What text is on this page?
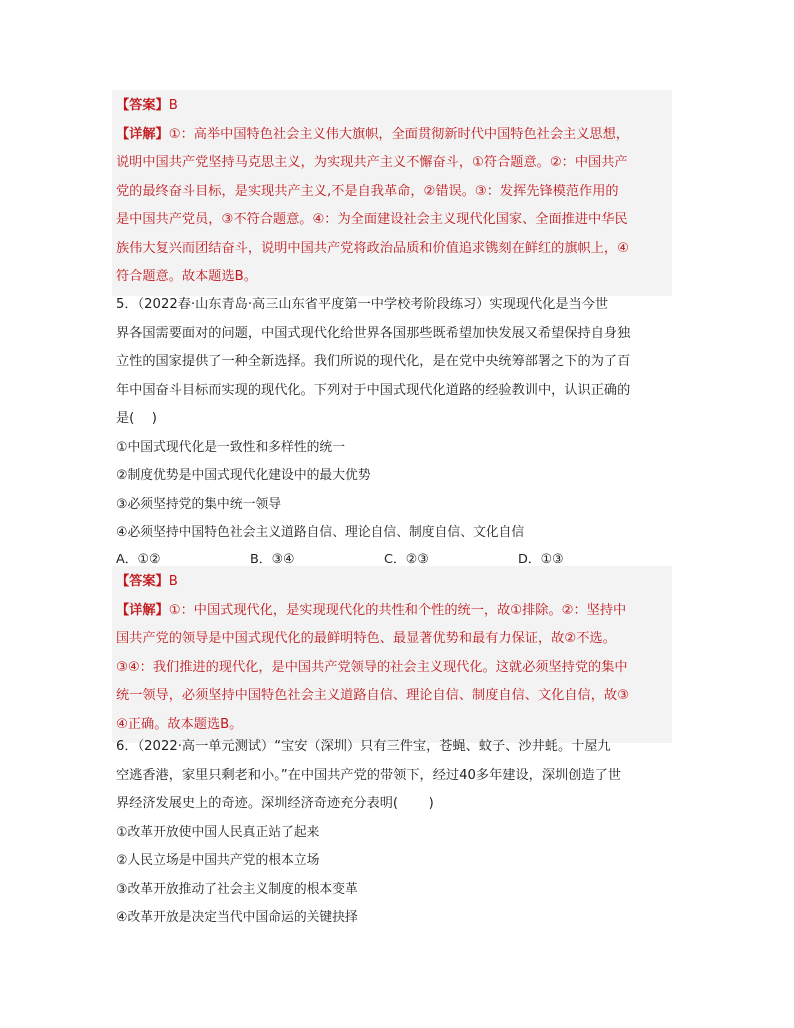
【答案】B
【详解】①：高举中国特色社会主义伟大旗帜，全面贯彻新时代中国特色社会主义思想，
说明中国共产党坚持马克思主义，为实现共产主义不懈奋斗，①符合题意。②：中国共产
党的最终奋斗目标，是实现共产主义,不是自我革命，②错误。③：发挥先锋模范作用的
是中国共产党员，③不符合题意。④：为全面建设社会主义现代化国家、全面推进中华民
族伟大复兴而团结奋斗，说明中国共产党将政治品质和价值追求镌刻在鲜红的旗帜上，④
符合题意。故本题选B。
5．（2022春·山东青岛·高三山东省平度第一中学校考阶段练习）实现现代化是当今世
界各国需要面对的问题，中国式现代化给世界各国那些既希望加快发展又希望保持自身独
立性的国家提供了一种全新选择。我们所说的现代化，是在党中央统筹部署之下的为了百
年中国奋斗目标而实现的现代化。下列对于中国式现代化道路的经验教训中，认识正确的
是(　 )
①中国式现代化是一致性和多样性的统一
②制度优势是中国式现代化建设中的最大优势
③必须坚持党的集中统一领导
④必须坚持中国特色社会主义道路自信、理论自信、制度自信、文化自信
A．①②	B．③④	C．②③	D．①③
【答案】B
【详解】①：中国式现代化，是实现现代化的共性和个性的统一，故①排除。②：坚持中
国共产党的领导是中国式现代化的最鲜明特色、最显著优势和最有力保证，故②不选。
③④：我们推进的现代化，是中国共产党领导的社会主义现代化。这就必须坚持党的集中
统一领导，必须坚持中国特色社会主义道路自信、理论自信、制度自信、文化自信，故③
④正确。故本题选B。
6．（2022·高一单元测试）“宝安（深圳）只有三件宝，苍蝇、蚊子、沙井蚝。十屋九
空逃香港，家里只剩老和小。”在中国共产党的带领下，经过40多年建设，深圳创造了世
界经济发展史上的奇迹。深圳经济奇迹充分表明(　 　)
①改革开放使中国人民真正站了起来
②人民立场是中国共产党的根本立场
③改革开放推动了社会主义制度的根本变革
④改革开放是决定当代中国命运的关键抉择
